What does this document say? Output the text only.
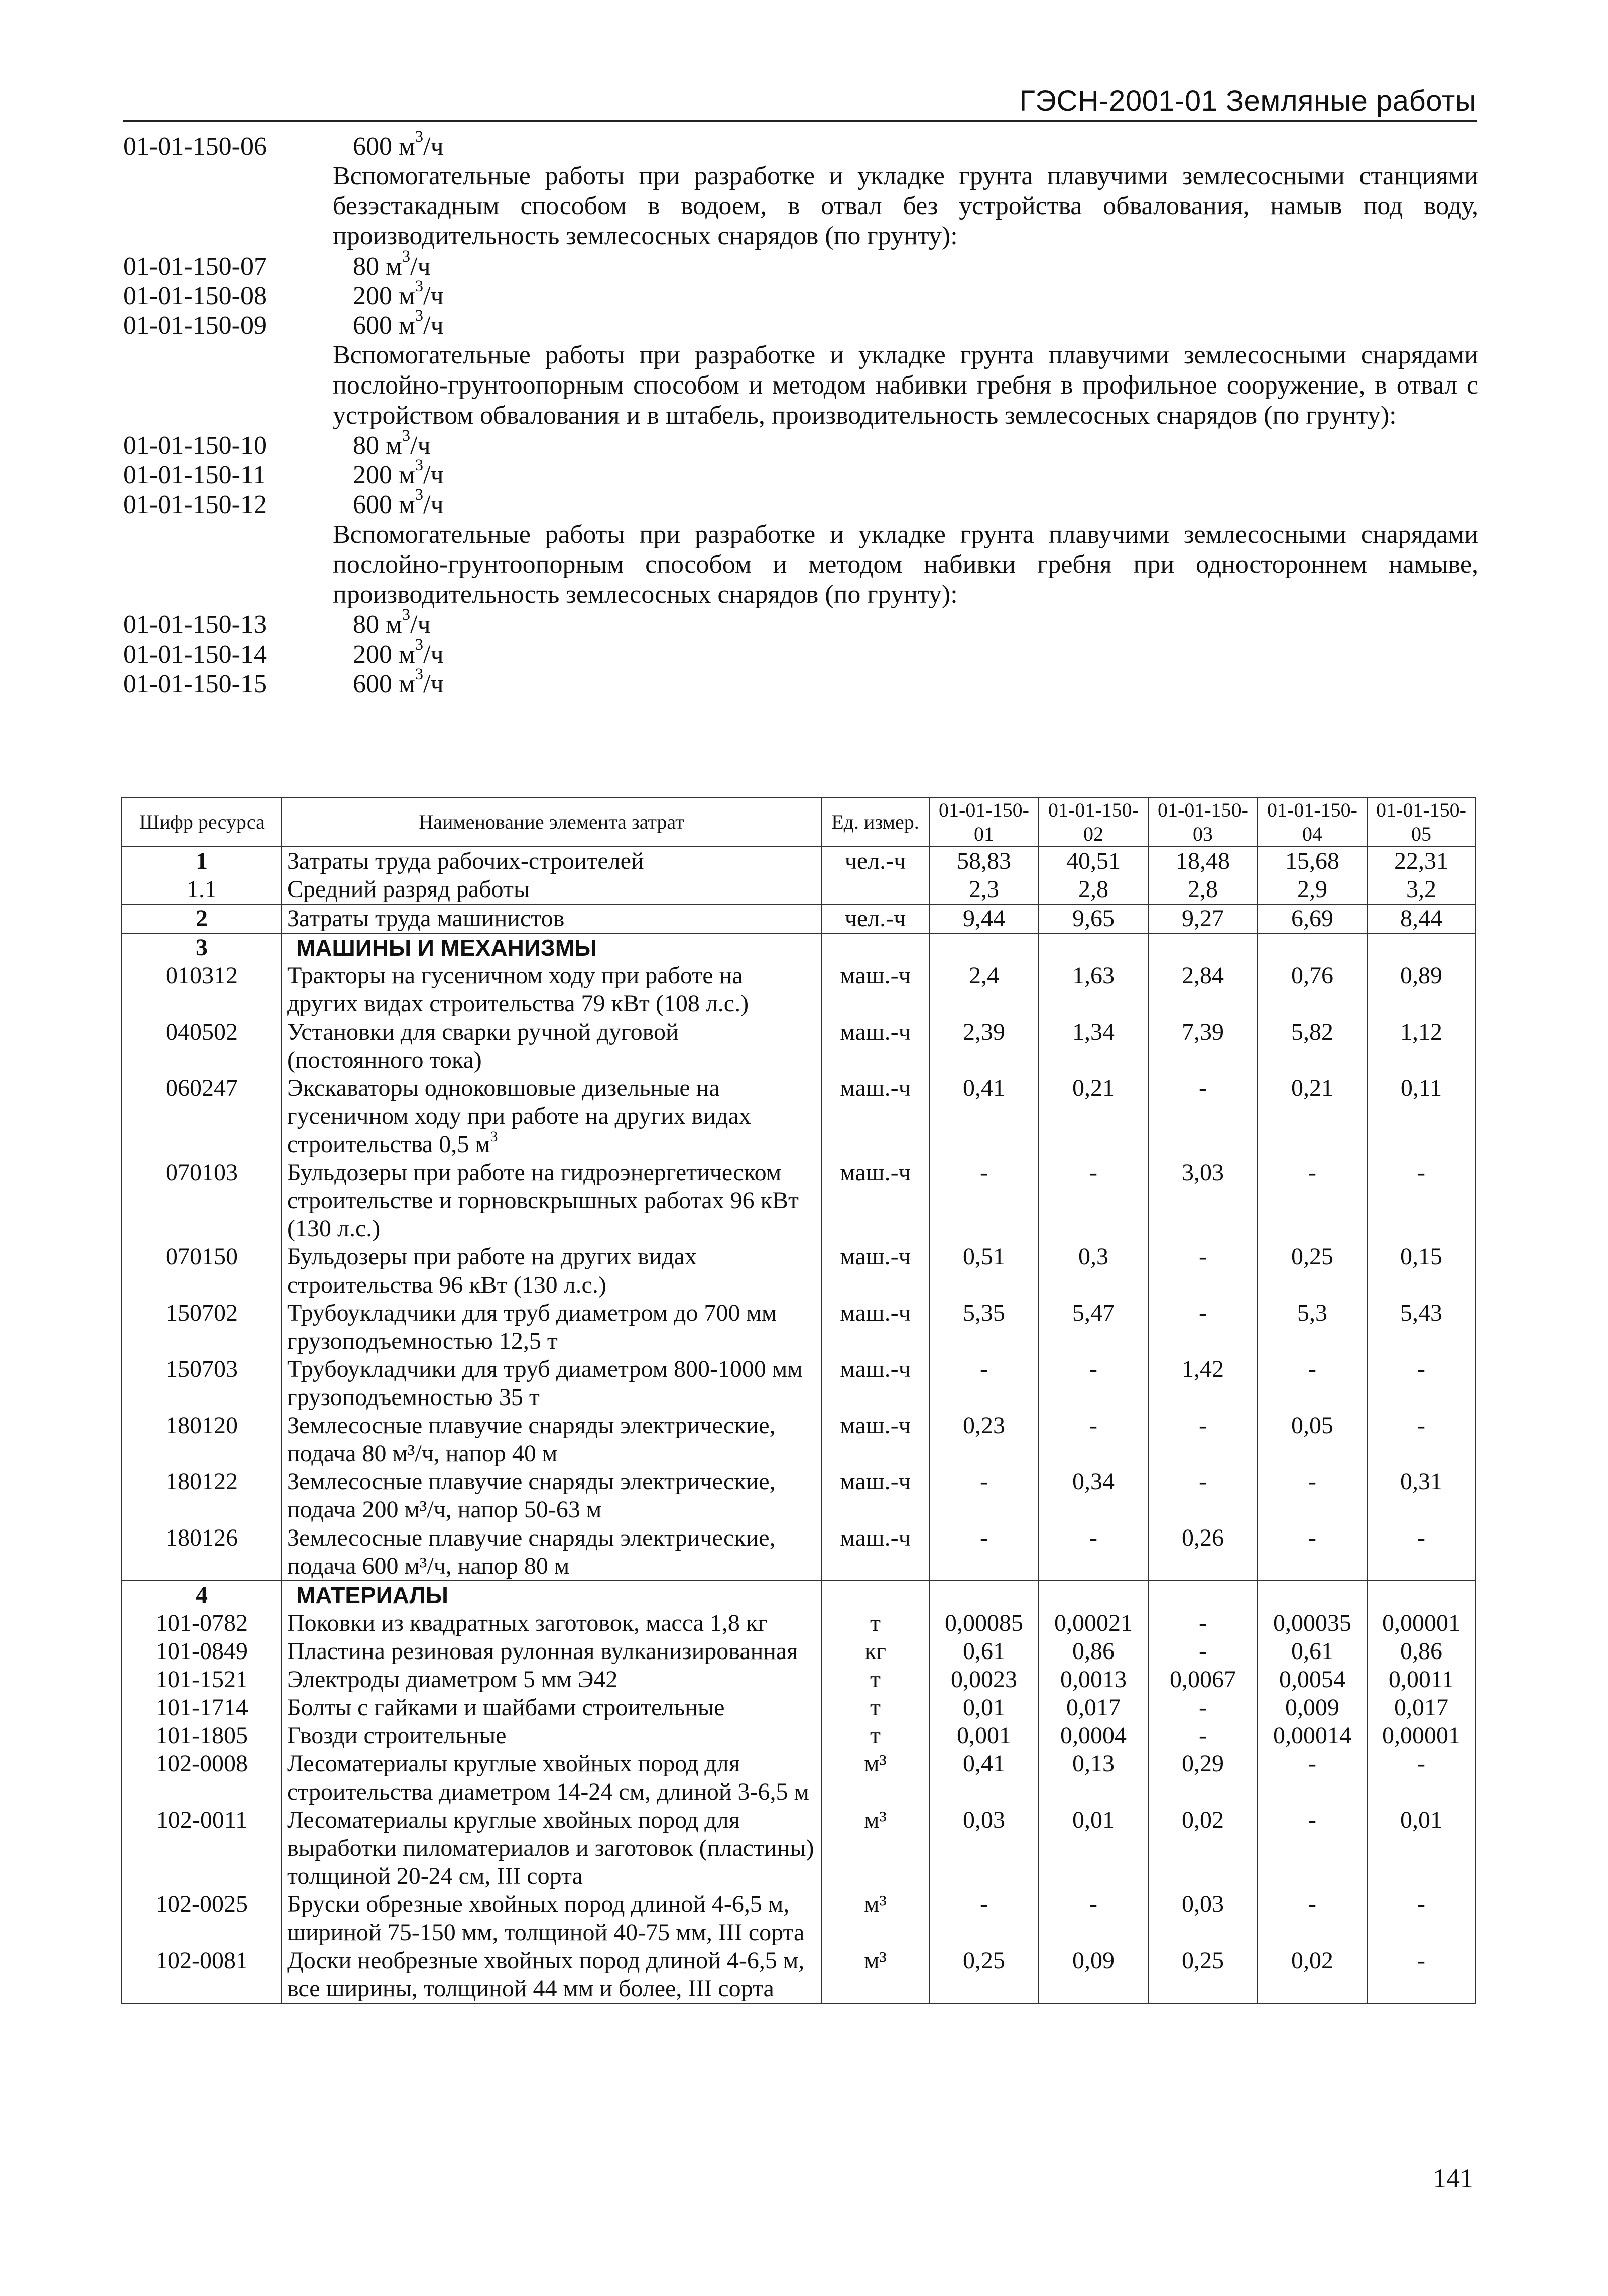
ГЭСН-2001-01 Земляные работы
01-01-150-06	600 $м^3/ч$
Вспомогательные работы при разработке и укладке грунта плавучими землесосными станциями безэстакадным способом в водоем, в отвал без устройства обвалования, намыв под воду, производительность землесосных снарядов (по грунту):
01-01-150-07	80 $м^3/ч$
01-01-150-08	200 $м^3/ч$
01-01-150-09	600 $м^3/ч$
Вспомогательные работы при разработке и укладке грунта плавучими землесосными снарядами послойно-грунтоопорным способом и методом набивки гребня в профильное сооружение, в отвал с устройством обвалования и в штабель, производительность землесосных снарядов (по грунту):
01-01-150-10	80 $м^3/ч$
01-01-150-11	200 $м^3/ч$
01-01-150-12	600 $м^3/ч$
Вспомогательные работы при разработке и укладке грунта плавучими землесосными снарядами послойно-грунтоопорным способом и методом набивки гребня при одностороннем намыве, производительность землесосных снарядов (по грунту):
01-01-150-13	80 $м^3/ч$
01-01-150-14	200 $м^3/ч$
01-01-150-15	600 $м^3/ч$
Шифр ресурса	Наименование элемента затрат	Ед. измер.	01-01-150-01	01-01-150-02	01-01-150-03	01-01-150-04	01-01-150-05
1	Затраты труда рабочих-строителей	чел.-ч	58,83	40,51	18,48	15,68	22,31
1.1	Средний разряд работы		2,3	2,8	2,8	2,9	3,2
2	Затраты труда машинистов	чел.-ч	9,44	9,65	9,27	6,69	8,44
3	МАШИНЫ И МЕХАНИЗМЫ						
010312	Тракторы на гусеничном ходу при работе на других видах строительства 79 кВт (108 л.с.)	маш.-ч	2,4	1,63	2,84	0,76	0,89
040502	Установки для сварки ручной дуговой (постоянного тока)	маш.-ч	2,39	1,34	7,39	5,82	1,12
060247	Экскаваторы одноковшовые дизельные на гусеничном ходу при работе на других видах строительства 0,5 $м^3$	маш.-ч	0,41	0,21	-	0,21	0,11
070103	Бульдозеры при работе на гидроэнергетическом строительстве и горновскрышных работах 96 кВт (130 л.с.)	маш.-ч	-	-	3,03	-	-
070150	Бульдозеры при работе на других видах строительства 96 кВт (130 л.с.)	маш.-ч	0,51	0,3	-	0,25	0,15
150702	Трубоукладчики для труб диаметром до 700 мм грузоподъемностью 12,5 т	маш.-ч	5,35	5,47	-	5,3	5,43
150703	Трубоукладчики для труб диаметром 800-1000 мм грузоподъемностью 35 т	маш.-ч	-	-	1,42	-	-
180120	Землесосные плавучие снаряды электрические, подача 80 м³/ч, напор 40 м	маш.-ч	0,23	-	-	0,05	-
180122	Землесосные плавучие снаряды электрические, подача 200 м³/ч, напор 50-63 м	маш.-ч	-	0,34	-	-	0,31
180126	Землесосные плавучие снаряды электрические, подача 600 м³/ч, напор 80 м	маш.-ч	-	-	0,26	-	-
4	МАТЕРИАЛЫ						
101-0782	Поковки из квадратных заготовок, масса 1,8 кг	т	0,00085	0,00021	-	0,00035	0,00001
101-0849	Пластина резиновая рулонная вулканизированная	кг	0,61	0,86	-	0,61	0,86
101-1521	Электроды диаметром 5 мм Э42	т	0,0023	0,0013	0,0067	0,0054	0,0011
101-1714	Болты с гайками и шайбами строительные	т	0,01	0,017	-	0,009	0,017
101-1805	Гвозди строительные	т	0,001	0,0004	-	0,00014	0,00001
102-0008	Лесоматериалы круглые хвойных пород для строительства диаметром 14-24 см, длиной 3-6,5 м	м³	0,41	0,13	0,29	-	-
102-0011	Лесоматериалы круглые хвойных пород для выработки пиломатериалов и заготовок (пластины) толщиной 20-24 см, III сорта	м³	0,03	0,01	0,02	-	0,01
102-0025	Бруски обрезные хвойных пород длиной 4-6,5 м, шириной 75-150 мм, толщиной 40-75 мм, III сорта	м³	-	-	0,03	-	-
102-0081	Доски необрезные хвойных пород длиной 4-6,5 м, все ширины, толщиной 44 мм и более, III сорта	м³	0,25	0,09	0,25	0,02	-
141
